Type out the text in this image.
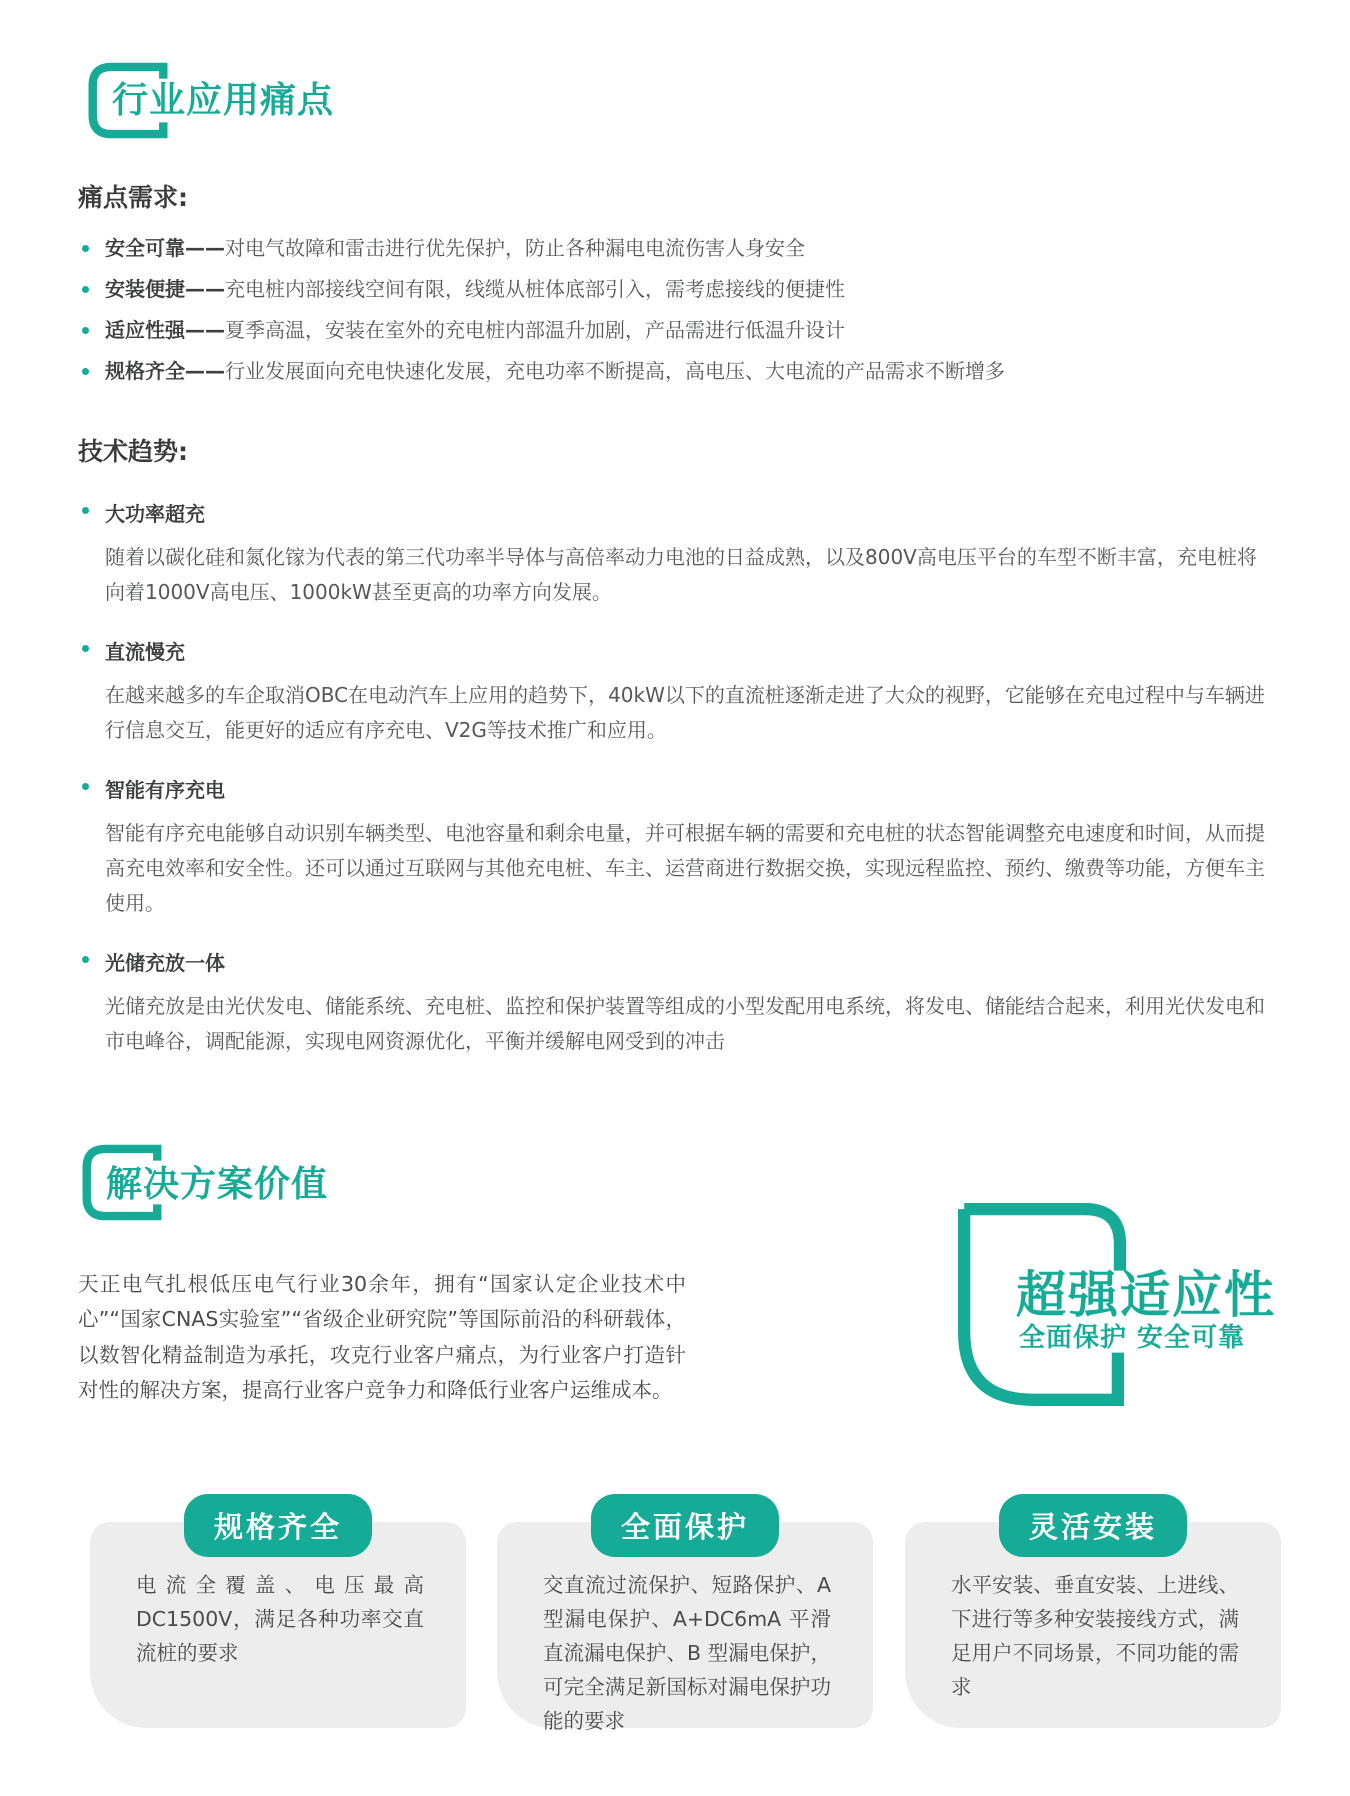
行业应用痛点
痛点需求:
安全可靠—— 对电气故障和雷击进行优先保护，防止各种漏电电流伤害人身安全
安装便捷—— 充电桩内部接线空间有限，线缆从桩体底部引入，需考虑接线的便捷性
适应性强—— 夏季高温，安装在室外的充电桩内部温升加剧，产品需进行低温升设计
规格齐全—— 行业发展面向充电快速化发展，充电功率不断提高，高电压、大电流的产品需求不断增多
技术趋势:
大功率超充

随着以碳化硅和氮化镓为代表的第三代功率半导体与高倍率动力电池的日益成熟，以及800V高电压平台的车型不断丰富，充电桩将向着1000V高电压、1000kW甚至更高的功率方向发展。

直流慢充

在越来越多的车企取消OBC在电动汽车上应用的趋势下，40kW以下的直流桩逐渐走进了大众的视野，它能够在充电过程中与车辆进行信息交互，能更好的适应有序充电、V2G等技术推广和应用。

智能有序充电

智能有序充电能够自动识别车辆类型、电池容量和剩余电量，并可根据车辆的需要和充电桩的状态智能调整充电速度和时间，从而提高充电效率和安全性。还可以通过互联网与其他充电桩、车主、运营商进行数据交换，实现远程监控、预约、缴费等功能，方便车主使用。

光储充放一体

光储充放是由光伏发电、储能系统、充电桩、监控和保护装置等组成的小型发配用电系统，将发电、储能结合起来，利用光伏发电和市电峰谷，调配能源，实现电网资源优化，平衡并缓解电网受到的冲击

解决方案价值

天正电气扎根低压电气行业30余年，拥有“国家认定企业技术中心”“国家CNAS实验室”“省级企业研究院”等国际前沿的科研载体，以数智化精益制造为承托，攻克行业客户痛点，为行业客户打造针对性的解决方案，提高行业客户竞争力和降低行业客户运维成本。

超强适应性
全面保护 安全可靠
规格齐全
电流全覆盖、电压最高 DC1500V，满足各种功率交直流桩的要求
全面保护
交直流过流保护、短路保护、A 型漏电保护、A+DC6mA 平滑直流漏电保护、B 型漏电保护，可完全满足新国标对漏电保护功能的要求
灵活安装
水平安装、垂直安装、上进线、下进行等多种安装接线方式，满足用户不同场景，不同功能的需求
